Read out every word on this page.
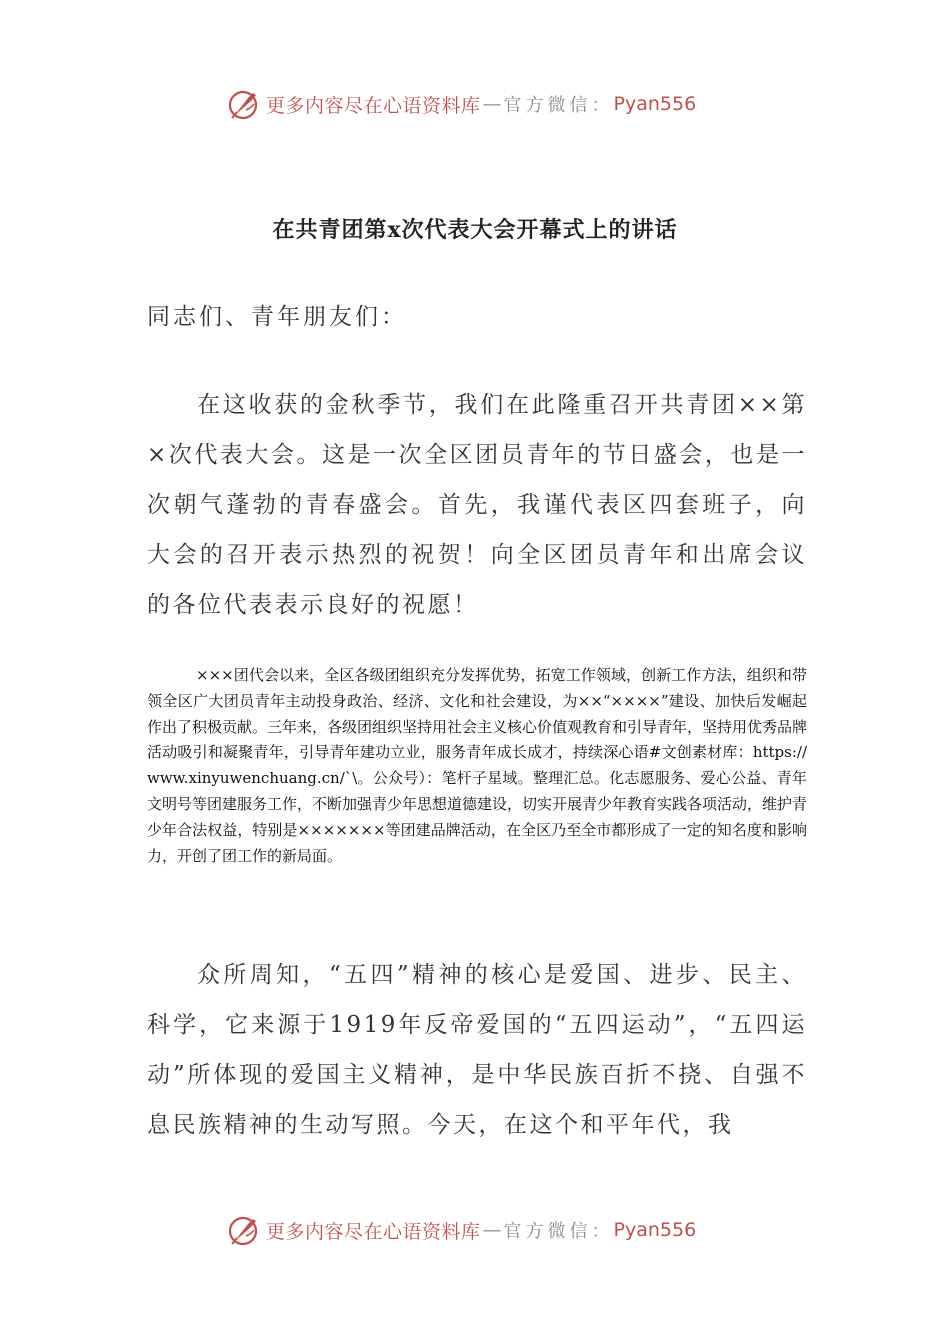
更多内容尽在心语资料库 — 官方微信： Pyan556
在共青团第x次代表大会开幕式上的讲话

同志们、青年朋友们：

在这收获的金秋季节，我们在此隆重召开共青团××第×次代表大会。这是一次全区团员青年的节日盛会，也是一次朝气蓬勃的青春盛会。首先，我谨代表区四套班子，向大会的召开表示热烈的祝贺！向全区团员青年和出席会议的各位代表表示良好的祝愿！

×××团代会以来，全区各级团组织充分发挥优势，拓宽工作领域，创新工作方法，组织和带领全区广大团员青年主动投身政治、经济、文化和社会建设，为××“××××”建设、加快后发崛起作出了积极贡献。三年来，各级团组织坚持用社会主义核心价值观教育和引导青年，坚持用优秀品牌活动吸引和凝聚青年，引导青年建功立业，服务青年成长成才，持续深心语#文创素材库：https://www.xinyuwenchuang.cn/`\。公众号）：笔杆子星域。整理汇总。化志愿服务、爱心公益、青年文明号等团建服务工作，不断加强青少年思想道德建设，切实开展青少年教育实践各项活动，维护青少年合法权益，特别是×××××××等团建品牌活动，在全区乃至全市都形成了一定的知名度和影响力，开创了团工作的新局面。

众所周知，“五四”精神的核心是爱国、进步、民主、科学，它来源于1919年反帝爱国的“五四运动”，“五四运动”所体现的爱国主义精神，是中华民族百折不挠、自强不息民族精神的生动写照。今天，在这个和平年代，我

更多内容尽在心语资料库 — 官方微信： Pyan556
